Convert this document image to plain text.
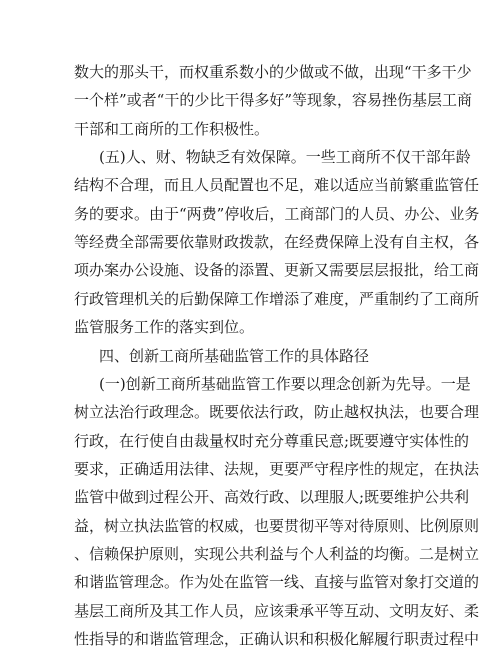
数大的那头干，而权重系数小的少做或不做，出现“干多干少
一个样”或者“干的少比干得多好”等现象，容易挫伤基层工商
干部和工商所的工作积极性。
(五)人、财、物缺乏有效保障。一些工商所不仅干部年龄
结构不合理，而且人员配置也不足，难以适应当前繁重监管任
务的要求。由于“两费”停收后，工商部门的人员、办公、业务
等经费全部需要依靠财政拨款，在经费保障上没有自主权，各
项办案办公设施、设备的添置、更新又需要层层报批，给工商
行政管理机关的后勤保障工作增添了难度，严重制约了工商所
监管服务工作的落实到位。
四、创新工商所基础监管工作的具体路径
(一)创新工商所基础监管工作要以理念创新为先导。一是
树立法治行政理念。既要依法行政，防止越权执法，也要合理
行政，在行使自由裁量权时充分尊重民意;既要遵守实体性的
要求，正确适用法律、法规，更要严守程序性的规定，在执法
监管中做到过程公开、高效行政、以理服人;既要维护公共利
益，树立执法监管的权威，也要贯彻平等对待原则、比例原则
、信赖保护原则，实现公共利益与个人利益的均衡。二是树立
和谐监管理念。作为处在监管一线、直接与监管对象打交道的
基层工商所及其工作人员，应该秉承平等互动、文明友好、柔
性指导的和谐监管理念，正确认识和积极化解履行职责过程中
